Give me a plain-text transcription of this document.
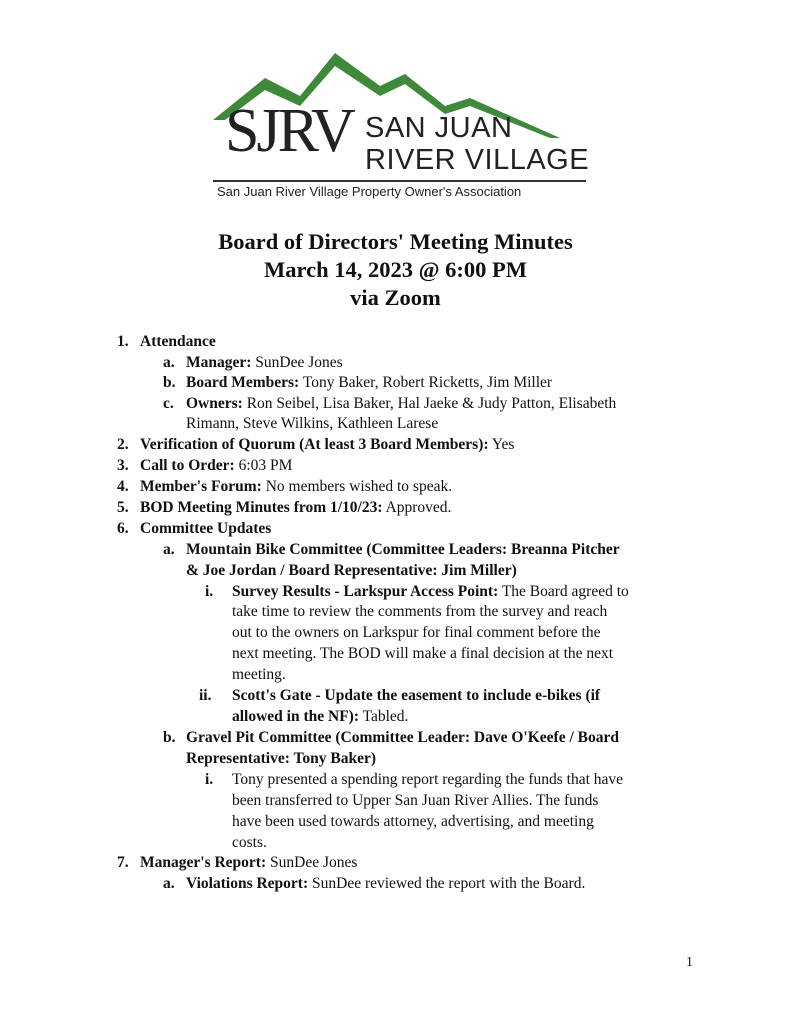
SJRV SAN JUAN
RIVER VILLAGE
San Juan River Village Property Owner's Association
Board of Directors' Meeting Minutes
March 14, 2023 @ 6:00 PM
via Zoom
1. Attendance
a. Manager: SunDee Jones
b. Board Members: Tony Baker, Robert Ricketts, Jim Miller
c. Owners: Ron Seibel, Lisa Baker, Hal Jaeke & Judy Patton, Elisabeth
Rimann, Steve Wilkins, Kathleen Larese
2. Verification of Quorum (At least 3 Board Members): Yes
3. Call to Order: 6:03 PM
4. Member's Forum: No members wished to speak.
5. BOD Meeting Minutes from 1/10/23: Approved.
6. Committee Updates
a. Mountain Bike Committee (Committee Leaders: Breanna Pitcher
& Joe Jordan / Board Representative: Jim Miller)
i. Survey Results - Larkspur Access Point: The Board agreed to
take time to review the comments from the survey and reach
out to the owners on Larkspur for final comment before the
next meeting. The BOD will make a final decision at the next
meeting.
ii. Scott's Gate - Update the easement to include e-bikes (if
allowed in the NF): Tabled.
b. Gravel Pit Committee (Committee Leader: Dave O'Keefe / Board
Representative: Tony Baker)
i. Tony presented a spending report regarding the funds that have
been transferred to Upper San Juan River Allies. The funds
have been used towards attorney, advertising, and meeting
costs.
7. Manager's Report: SunDee Jones
a. Violations Report: SunDee reviewed the report with the Board.
1
